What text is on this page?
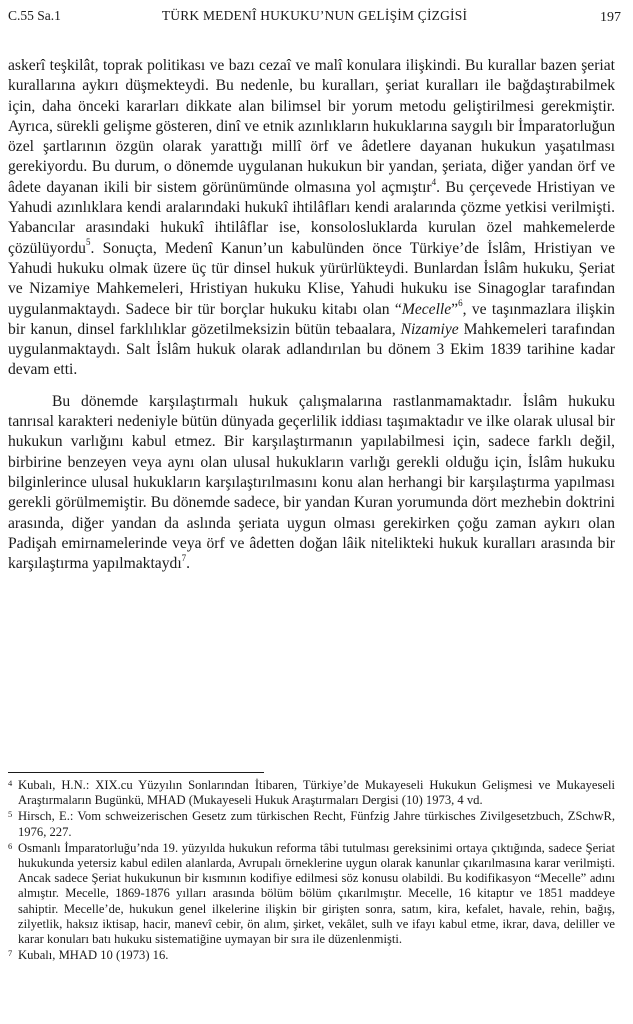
C.55 Sa.1	TÜRK MEDENÎ HUKUKU’NUN GELİŞİM ÇİZGİSİ	197

askerî teşkilât, toprak politikası ve bazı cezaî ve malî konulara ilişkindi. Bu kurallar bazen şeriat kurallarına aykırı düşmekteydi. Bu nedenle, bu kuralları, şeriat kuralları ile bağdaştırabilmek için, daha önceki kararları dikkate alan bilimsel bir yorum metodu geliştirilmesi gerekmiştir. Ayrıca, sürekli gelişme gösteren, dinî ve etnik azınlıkların hukuklarına saygılı bir İmparatorluğun özel şartlarının özgün olarak yarattığı millî örf ve âdetlere dayanan hukukun yaşatılması gerekiyordu. Bu durum, o dönemde uygulanan hukukun bir yandan, şeriata, diğer yandan örf ve âdete dayanan ikili bir sistem görünümünde olmasına yol açmıştır$^4$. Bu çerçevede Hristiyan ve Yahudi azınlıklara kendi aralarındaki hukukî ihtilâfları kendi aralarında çözme yetkisi verilmişti. Yabancılar arasındaki hukukî ihtilâflar ise, konsolosluklarda kurulan özel mahkemelerde çözülüyordu$^5$. Sonuçta, Medenî Kanun’un kabulünden önce Türkiye’de İslâm, Hristiyan ve Yahudi hukuku olmak üzere üç tür dinsel hukuk yürürlükteydi. Bunlardan İslâm hukuku, Şeriat ve Nizamiye Mahkemeleri, Hristiyan hukuku Klise, Yahudi hukuku ise Sinagoglar tarafından uygulanmaktaydı. Sadece bir tür borçlar hukuku kitabı olan “Mecelle”$^6$, ve taşınmazlara ilişkin bir kanun, dinsel farklılıklar gözetilmeksizin bütün tebaalara, Nizamiye Mahkemeleri tarafından uygulanmaktaydı. Salt İslâm hukuk olarak adlandırılan bu dönem 3 Ekim 1839 tarihine kadar devam etti.

Bu dönemde karşılaştırmalı hukuk çalışmalarına rastlanmamaktadır. İslâm hukuku tanrısal karakteri nedeniyle bütün dünyada geçerlilik iddiası taşımaktadır ve ilke olarak ulusal bir hukukun varlığını kabul etmez. Bir karşılaştırmanın yapılabilmesi için, sadece farklı değil, birbirine benzeyen veya aynı olan ulusal hukukların varlığı gerekli olduğu için, İslâm hukuku bilginlerince ulusal hukukların karşılaştırılmasını konu alan herhangi bir karşılaştırma yapılması gerekli görülmemiştir. Bu dönemde sadece, bir yandan Kuran yorumunda dört mezhebin doktrini arasında, diğer yandan da aslında şeriata uygun olması gerekirken çoğu zaman aykırı olan Padişah emirnamelerinde veya örf ve âdetten doğan lâik nitelikteki hukuk kuralları arasında bir karşılaştırma yapılmaktaydı$^7$.

4 Kubalı, H.N.: XIX.cu Yüzyılın Sonlarından İtibaren, Türkiye’de Mukayeseli Hukukun Gelişmesi ve Mukayeseli Araştırmaların Bugünkü, MHAD (Mukayeseli Hukuk Araştırmaları Dergisi (10) 1973, 4 vd.

5 Hirsch, E.: Vom schweizerischen Gesetz zum türkischen Recht, Fünfzig Jahre türkisches Zivilgesetzbuch, ZSchwR, 1976, 227.

6 Osmanlı İmparatorluğu’nda 19. yüzyılda hukukun reforma tâbi tutulması gereksinimi ortaya çıktığında, sadece Şeriat hukukunda yetersiz kabul edilen alanlarda, Avrupalı örneklerine uygun olarak kanunlar çıkarılmasına karar verilmişti. Ancak sadece Şeriat hukukunun bir kısmının kodifiye edilmesi söz konusu olabildi. Bu kodifikasyon “Mecelle” adını almıştır. Mecelle, 1869-1876 yılları arasında bölüm bölüm çıkarılmıştır. Mecelle, 16 kitaptır ve 1851 maddeye sahiptir. Mecelle’de, hukukun genel ilkelerine ilişkin bir girişten sonra, satım, kira, kefalet, havale, rehin, bağış, zilyetlik, haksız iktisap, hacir, manevî cebir, ön alım, şirket, vekâlet, sulh ve ifayı kabul etme, ikrar, dava, deliller ve karar konuları batı hukuku sistematiğine uymayan bir sıra ile düzenlenmişti.

7 Kubalı, MHAD 10 (1973) 16.
